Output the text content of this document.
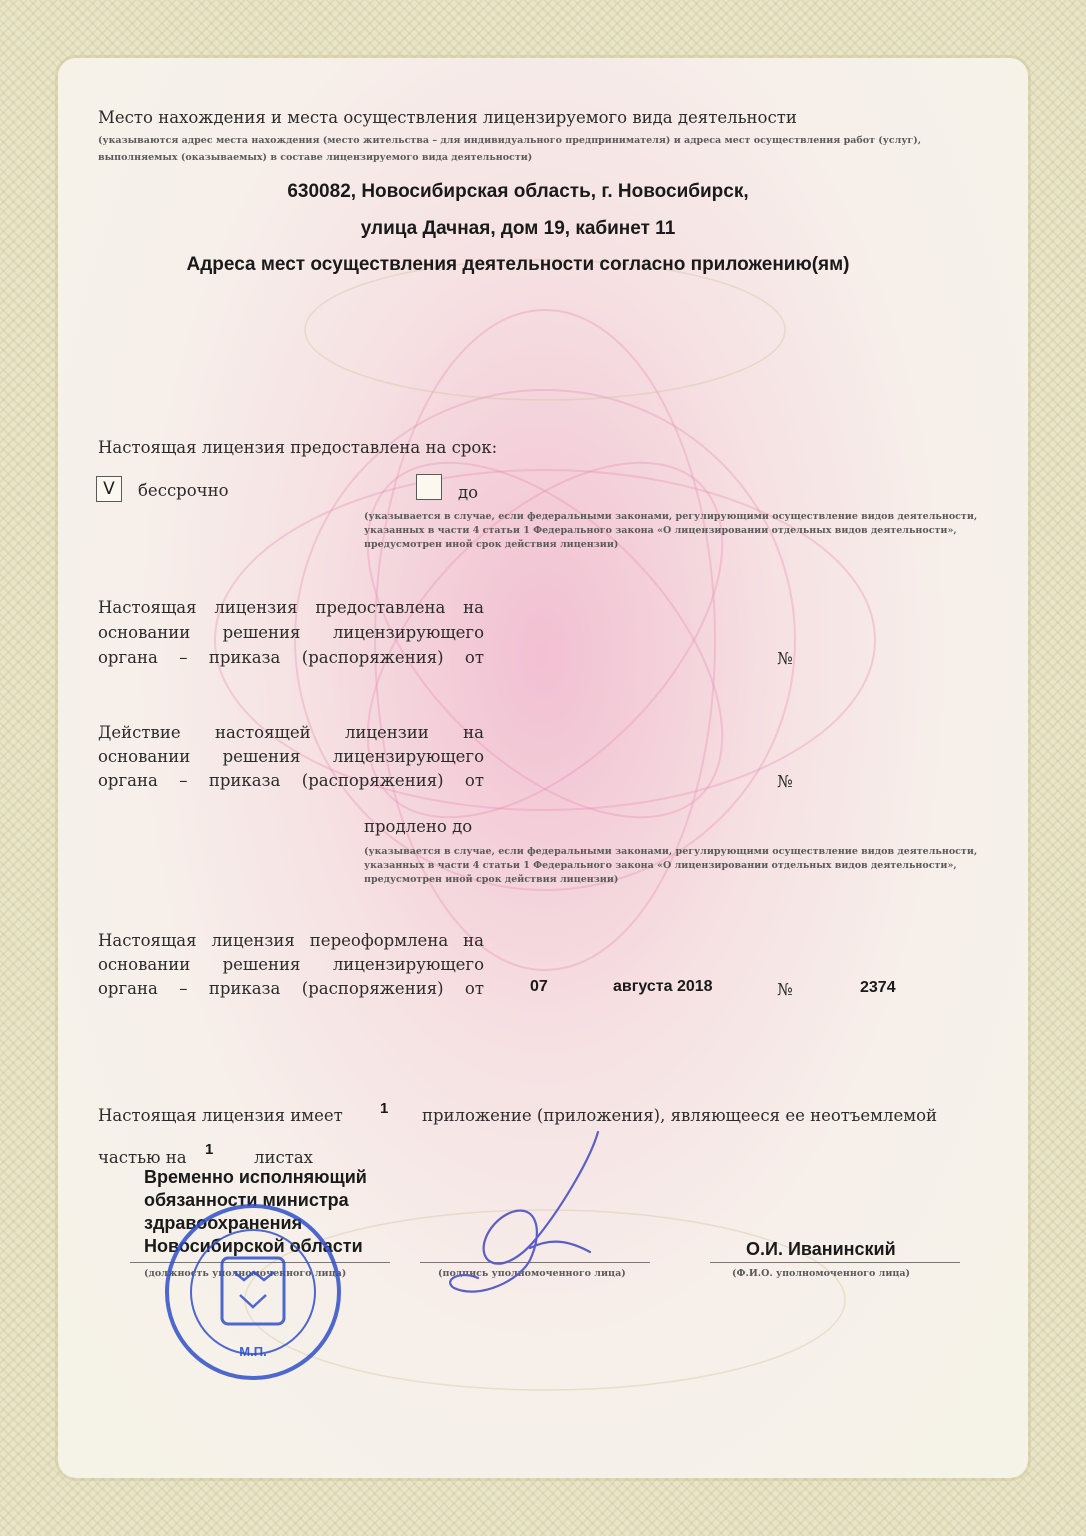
Место нахождения и места осуществления лицензируемого вида деятельности

(указываются адрес места нахождения (место жительства – для индивидуального предпринимателя) и адреса мест осуществления работ (услуг),

выполняемых (оказываемых) в составе лицензируемого вида деятельности)

630082, Новосибирская область, г. Новосибирск,

улица Дачная, дом 19, кабинет 11

Адреса мест осуществления деятельности согласно приложению(ям)

Настоящая лицензия предоставлена на срок:

V	бессрочно	до

(указывается в случае, если федеральными законами, регулирующими осуществление видов деятельности,

указанных в части 4 статьи 1 Федерального закона «О лицензировании отдельных видов деятельности»,

предусмотрен иной срок действия лицензии)

Настоящая лицензия предоставлена на

основании решения лицензирующего

органа – приказа (распоряжения) от	№

Действие настоящей лицензии на

основании решения лицензирующего

органа – приказа (распоряжения) от	№

продлено до

(указывается в случае, если федеральными законами, регулирующими осуществление видов деятельности,

указанных в части 4 статьи 1 Федерального закона «О лицензировании отдельных видов деятельности»,

предусмотрен иной срок действия лицензии)

Настоящая лицензия переоформлена на

основании решения лицензирующего

органа – приказа (распоряжения) от	07	августа 2018	№	2374

Настоящая лицензия имеет 1 приложение (приложения), являющееся ее неотъемлемой

частью на 1 листах

Временно исполняющий

обязанности министра

здравоохранения

Новосибирской области

(должность уполномоченного лица)	(подпись уполномоченного лица)

О.И. Иванинский

(Ф.И.О. уполномоченного лица)

М.П.
